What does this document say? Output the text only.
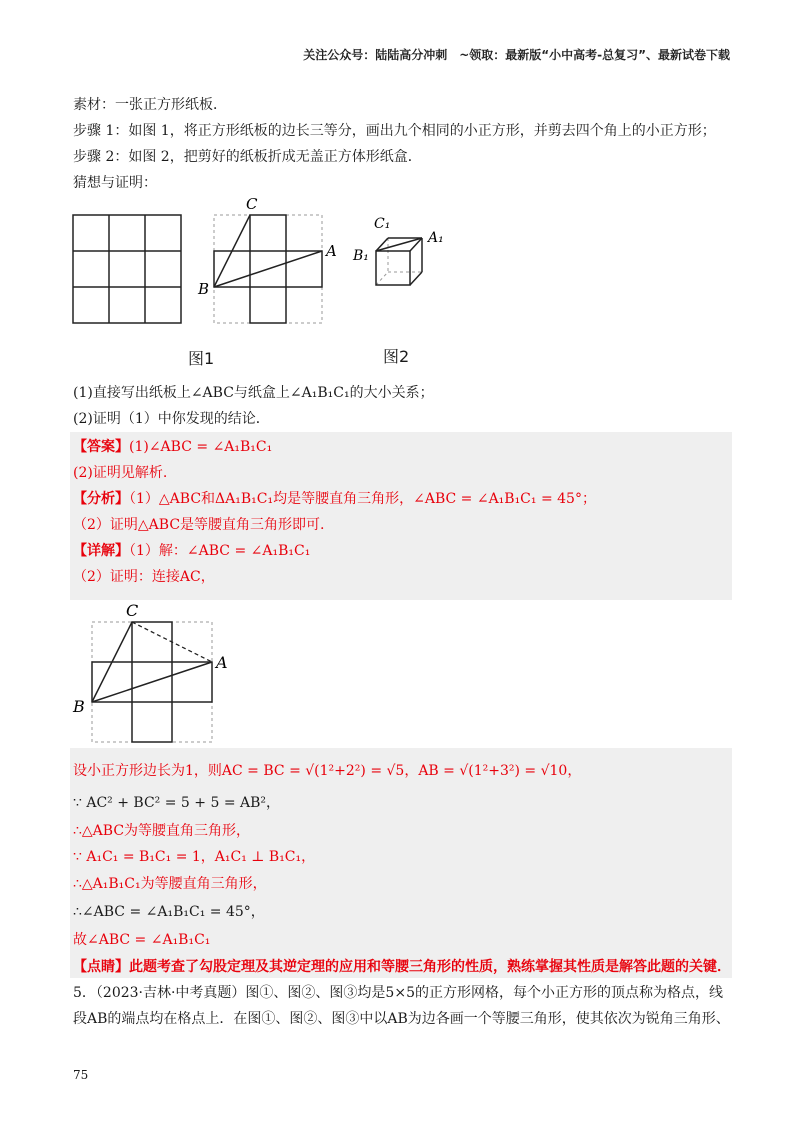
关注公众号：陆陆高分冲刺　~领取：最新版“小中高考-总复习”、最新试卷下载
素材：一张正方形纸板．
步骤 1：如图 1，将正方形纸板的边长三等分，画出九个相同的小正方形，并剪去四个角上的小正方形；
步骤 2：如图 2，把剪好的纸板折成无盖正方体形纸盒．
猜想与证明：
C
A
B
C₁
A₁
B₁
图1	图2
(1)直接写出纸板上∠ABC与纸盒上∠A₁B₁C₁的大小关系；
(2)证明（1）中你发现的结论．
【答案】(1)∠ABC = ∠A₁B₁C₁
(2)证明见解析.
【分析】（1）△ABC和ΔA₁B₁C₁均是等腰直角三角形，∠ABC = ∠A₁B₁C₁ = 45°；
（2）证明△ABC是等腰直角三角形即可.
【详解】（1）解：∠ABC = ∠A₁B₁C₁
（2）证明：连接AC，
C
A
B
设小正方形边长为1，则AC = BC = √(1²+2²) = √5，AB = √(1²+3²) = √10，
∵ AC² + BC² = 5 + 5 = AB²，
∴△ABC为等腰直角三角形，
∵ A₁C₁ = B₁C₁ = 1，A₁C₁ ⊥ B₁C₁，
∴△A₁B₁C₁为等腰直角三角形，
∴∠ABC = ∠A₁B₁C₁ = 45°，
故∠ABC = ∠A₁B₁C₁
【点睛】此题考查了勾股定理及其逆定理的应用和等腰三角形的性质，熟练掌握其性质是解答此题的关键．
5．（2023·吉林·中考真题）图①、图②、图③均是5×5的正方形网格，每个小正方形的顶点称为格点，线
段AB的端点均在格点上．在图①、图②、图③中以AB为边各画一个等腰三角形，使其依次为锐角三角形、
75
